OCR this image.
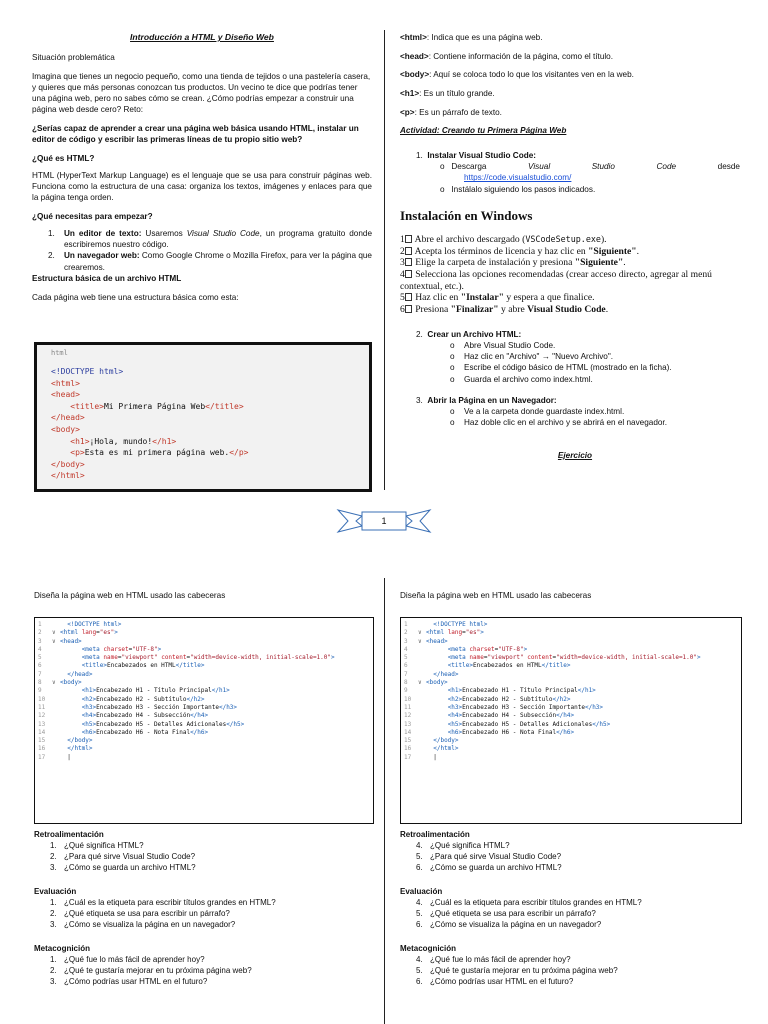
Introducción a HTML y Diseño Web

Situación problemática

Imagina que tienes un negocio pequeño, como una tienda de tejidos o una pastelería casera, y quieres que más personas conozcan tus productos. Un vecino te dice que podrías tener una página web, pero no sabes cómo se crean. ¿Cómo podrías empezar a construir una página web desde cero? Reto:

¿Serías capaz de aprender a crear una página web básica usando HTML, instalar un editor de código y escribir las primeras líneas de tu propio sitio web?

¿Qué es HTML?

HTML (HyperText Markup Language) es el lenguaje que se usa para construir páginas web. Funciona como la estructura de una casa: organiza los textos, imágenes y enlaces para que la página tenga orden.

¿Qué necesitas para empezar?

1.	Un editor de texto: Usaremos Visual Studio Code, un programa gratuito donde escribiremos nuestro código.
2.	Un navegador web: Como Google Chrome o Mozilla Firefox, para ver la página que crearemos.

Estructura básica de un archivo HTML

Cada página web tiene una estructura básica como esta:

html
<!DOCTYPE html>
<html>
<head>
<title>Mi Primera Página Web</title>
</head>
<body>
<h1>¡Hola, mundo!</h1>
<p>Esta es mi primera página web.</p>
</body>
</html>
<html>: Indica que es una página web.
<head>: Contiene información de la página, como el título.
<body>: Aquí se coloca todo lo que los visitantes ven en la web.
<h1>: Es un título grande.
<p>: Es un párrafo de texto.
Actividad: Creando tu Primera Página Web
1. Instalar Visual Studio Code:
o Descarga	Visual	Studio	Code	desde
https://code.visualstudio.com/
o Instálalo siguiendo los pasos indicados.
Instalación en Windows
1 Abre el archivo descargado (VSCodeSetup.exe).
2 Acepta los términos de licencia y haz clic en "Siguiente".
3 Elige la carpeta de instalación y presiona "Siguiente".
4 Selecciona las opciones recomendadas (crear acceso directo, agregar al menú contextual, etc.).
5 Haz clic en "Instalar" y espera a que finalice.
6 Presiona "Finalizar" y abre Visual Studio Code.
2. Crear un Archivo HTML:
o	Abre Visual Studio Code.
o	Haz clic en "Archivo" → "Nuevo Archivo".
o	Escribe el código básico de HTML (mostrado en la ficha).
o	Guarda el archivo como index.html.
3. Abrir la Página en un Navegador:
o	Ve a la carpeta donde guardaste index.html.
o	Haz doble clic en el archivo y se abrirá en el navegador.
Ejercicio
1
Diseña la página web en HTML usado las cabeceras	Diseña la página web en HTML usado las cabeceras
1	<!DOCTYPE html>
2 ∨ <html lang="es">
3 ∨ <head>
4	<meta charset="UTF-8">
5	<meta name="viewport" content="width=device-width, initial-scale=1.0">
6	<title>Encabezados en HTML</title>
7	</head>
8 ∨ <body>
9	<h1>Encabezado H1 - Título Principal</h1>
10	<h2>Encabezado H2 - Subtítulo</h2>
11	<h3>Encabezado H3 - Sección Importante</h3>
12	<h4>Encabezado H4 - Subsección</h4>
13	<h5>Encabezado H5 - Detalles Adicionales</h5>
14	<h6>Encabezado H6 - Nota Final</h6>
15	</body>
16	</html>
17	|
1	<!DOCTYPE html>
2 ∨ <html lang="es">
3 ∨ <head>
4	<meta charset="UTF-8">
5	<meta name="viewport" content="width=device-width, initial-scale=1.0">
6	<title>Encabezados en HTML</title>
7	</head>
8 ∨ <body>
9	<h1>Encabezado H1 - Título Principal</h1>
10	<h2>Encabezado H2 - Subtítulo</h2>
11	<h3>Encabezado H3 - Sección Importante</h3>
12	<h4>Encabezado H4 - Subsección</h4>
13	<h5>Encabezado H5 - Detalles Adicionales</h5>
14	<h6>Encabezado H6 - Nota Final</h6>
15	</body>
16	</html>
17	|
Retroalimentación
1. ¿Qué significa HTML?
2. ¿Para qué sirve Visual Studio Code?
3. ¿Cómo se guarda un archivo HTML?
Evaluación
1. ¿Cuál es la etiqueta para escribir títulos grandes en HTML?
2. ¿Qué etiqueta se usa para escribir un párrafo?
3. ¿Cómo se visualiza la página en un navegador?
Metacognición
1. ¿Qué fue lo más fácil de aprender hoy?
2. ¿Qué te gustaría mejorar en tu próxima página web?
3. ¿Cómo podrías usar HTML en el futuro?
Retroalimentación
4. ¿Qué significa HTML?
5. ¿Para qué sirve Visual Studio Code?
6. ¿Cómo se guarda un archivo HTML?
Evaluación
4. ¿Cuál es la etiqueta para escribir títulos grandes en HTML?
5. ¿Qué etiqueta se usa para escribir un párrafo?
6. ¿Cómo se visualiza la página en un navegador?
Metacognición
4. ¿Qué fue lo más fácil de aprender hoy?
5. ¿Qué te gustaría mejorar en tu próxima página web?
6. ¿Cómo podrías usar HTML en el futuro?
